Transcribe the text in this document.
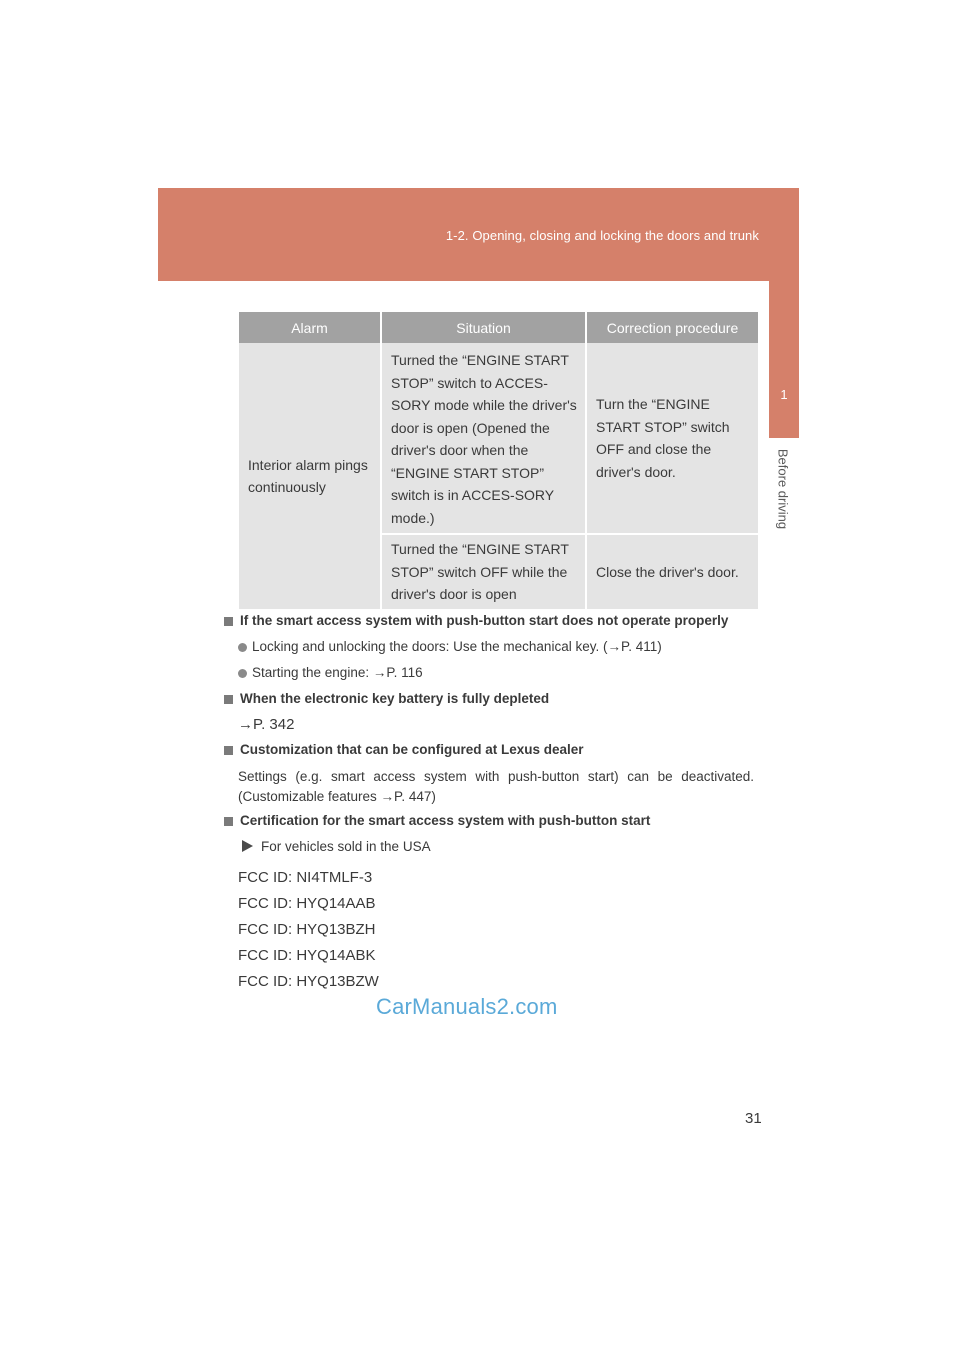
1-2. Opening, closing and locking the doors and trunk
1
Before driving
Alarm	Situation	Correction procedure
Interior alarm pings continuously	Turned the “ENGINE START STOP” switch to ACCES-SORY mode while the driver's door is open (Opened the driver's door when the “ENGINE START STOP” switch is in ACCES-SORY mode.)	Turn the “ENGINE START STOP” switch OFF and close the driver's door.
	Turned the “ENGINE START STOP” switch OFF while the driver's door is open	Close the driver's door.

If the smart access system with push-button start does not operate properly

Locking and unlocking the doors: Use the mechanical key. (→P. 411)

Starting the engine: →P. 116

When the electronic key battery is fully depleted

→P. 342

Customization that can be configured at Lexus dealer

Settings (e.g. smart access system with push-button start) can be deactivated. (Customizable features →P. 447)

Certification for the smart access system with push-button start

For vehicles sold in the USA

FCC ID: NI4TMLF-3

FCC ID: HYQ14AAB

FCC ID: HYQ13BZH

FCC ID: HYQ14ABK

FCC ID: HYQ13BZW

CarManuals2.com
31
